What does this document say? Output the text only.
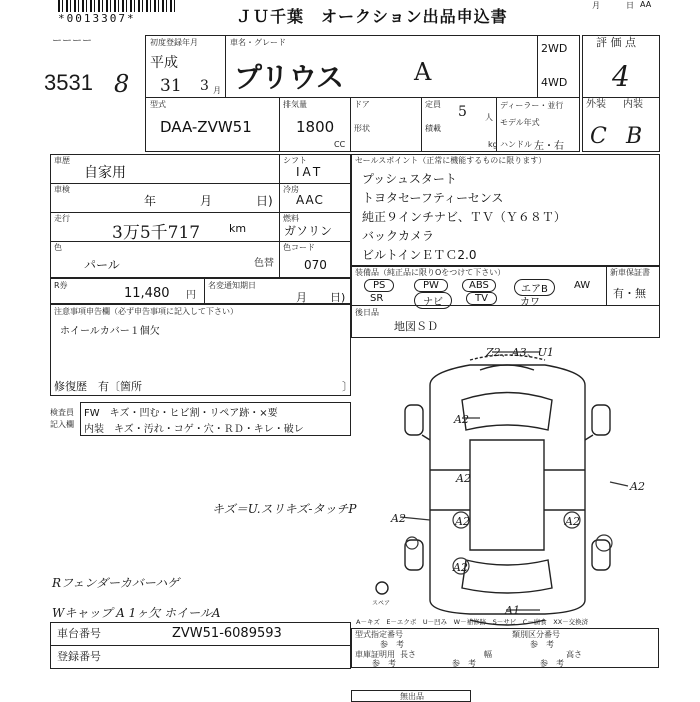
*0013307*	ＪＵ千葉　オークション出品申込書
月	日 AA
ーーーー
3531 8
初度登録年月
平成
31 3 月
車名・グレード
プリウス	A
2WD
4WD
評 価 点
4
型式
DAA-ZVW51
排気量
1800
CC
ドア
形状
定員 5 人
積載
kg
ディーラー・並行
モデル年式
ハンドル 左・右
外装 内装
C B
車歴
自家用
車検
年	月	日)
走行
3万5千717	km
色
パール	色替
シフト
IAT
冷房
AAC
燃料
ガソリン
色コード
070
R券
11,480 円
名変通知期日
月 日)
注意事項申告欄（必ず申告事項に記入して下さい）
ホイールカバー１個欠
修復歴　有〔箇所	〕
セールスポイント（正常に機能するものに限ります）
プッシュスタート
トヨタセーフティーセンス
純正９インチナビ、ＴＶ（Ｙ６８Ｔ）
バックカメラ
ビルトインＥＴＣ2.0
装備品（純正品に限りOをつけて下さい）
PS	PW	ABS	エアB	AW
SR	ナビ	TV	カワ
新車保証書
有・無
後日品
地図ＳＤ
検査員
記入欄
FW　キズ・凹む・ヒビ割・リペア跡・×要
内装　キズ・汚れ・コゲ・穴・ＲＤ・キレ・破レ
キズ＝U.スリキズ-タッチP
Rフェンダーカバーハゲ
Wキャップ A 1ヶ欠 ホイールA
車台番号	ZVW51-6089593
登録番号
型式指定番号	類別区分番号
参　考	参　考
車庫証明用 長さ	幅	高さ
参　考	参　考	参　考
無出品
A－キズ　E－エクボ　U－凹み　W－補修跡　S－サビ　C－腐食　XX－交換済
スペア
Z2、A3、U1
A2
A2
A2
A2	A2	A2
A2
A1
